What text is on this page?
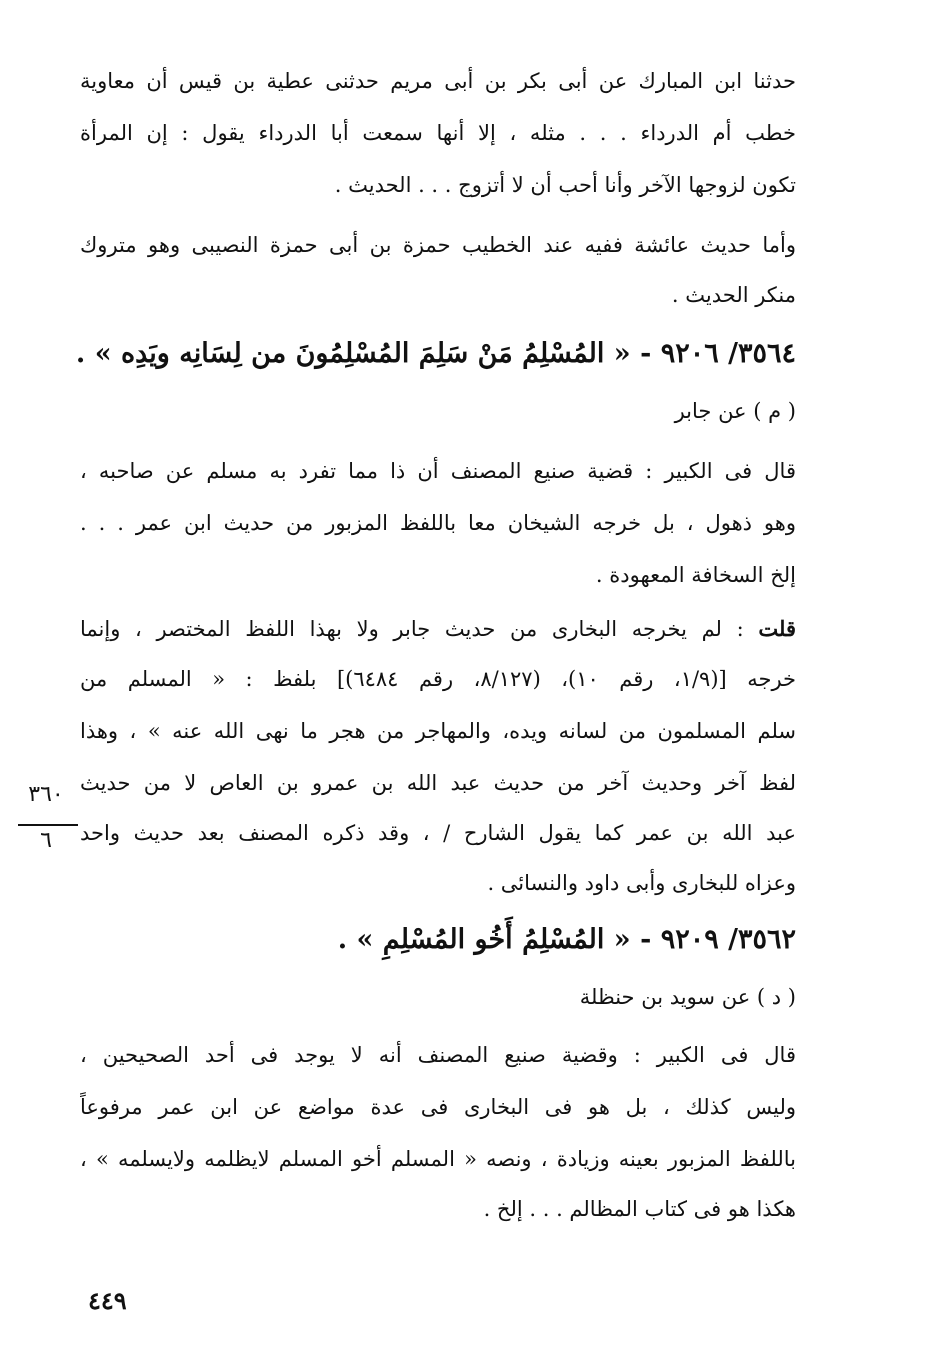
حدثنا ابن المبارك عن أبى بكر بن أبى مريم حدثنى عطية بن قيس أن معاوية
خطب أم الدرداء . . . مثله ، إلا أنها سمعت أبا الدرداء يقول : إن المرأة
تكون لزوجها الآخر وأنا أحب أن لا أتزوج . . . الحديث .
وأما حديث عائشة ففيه عند الخطيب حمزة بن أبى حمزة النصيبى وهو متروك
منكر الحديث .
٣٥٦٤/ ٩٢٠٦ - « المُسْلِمُ مَنْ سَلِمَ المُسْلِمُونَ من لِسَانِه ويَدِه » .
( م ) عن جابر
قال فى الكبير : قضية صنيع المصنف أن ذا مما تفرد به مسلم عن صاحبه ،
وهو ذهول ، بل خرجه الشيخان معا باللفظ المزبور من حديث ابن عمر . . .
إلخ السخافة المعهودة .
قلت : لم يخرجه البخارى من حديث جابر ولا بهذا اللفظ المختصر ، وإنما
خرجه [(١/٩، رقم ١٠)، (٨/١٢٧، رقم ٦٤٨٤)] بلفظ : « المسلم من
سلم المسلمون من لسانه ويده، والمهاجر من هجر ما نهى الله عنه » ، وهذا
لفظ آخر وحديث آخر من حديث عبد الله بن عمرو بن العاص لا من حديث
عبد الله بن عمر كما يقول الشارح / ، وقد ذكره المصنف بعد حديث واحد
وعزاه للبخارى وأبى داود والنسائى .
٣٥٦٢/ ٩٢٠٩ - « المُسْلِمُ أَخُو المُسْلِمِ » .
( د ) عن سويد بن حنظلة
قال فى الكبير : وقضية صنيع المصنف أنه لا يوجد فى أحد الصحيحين ،
وليس كذلك ، بل هو فى البخارى فى عدة مواضع عن ابن عمر مرفوعاً
باللفظ المزبور بعينه وزيادة ، ونصه « المسلم أخو المسلم لايظلمه ولايسلمه » ،
هكذا هو فى كتاب المظالم . . . إلخ .
٣٦٠
٦
٤٤٩
